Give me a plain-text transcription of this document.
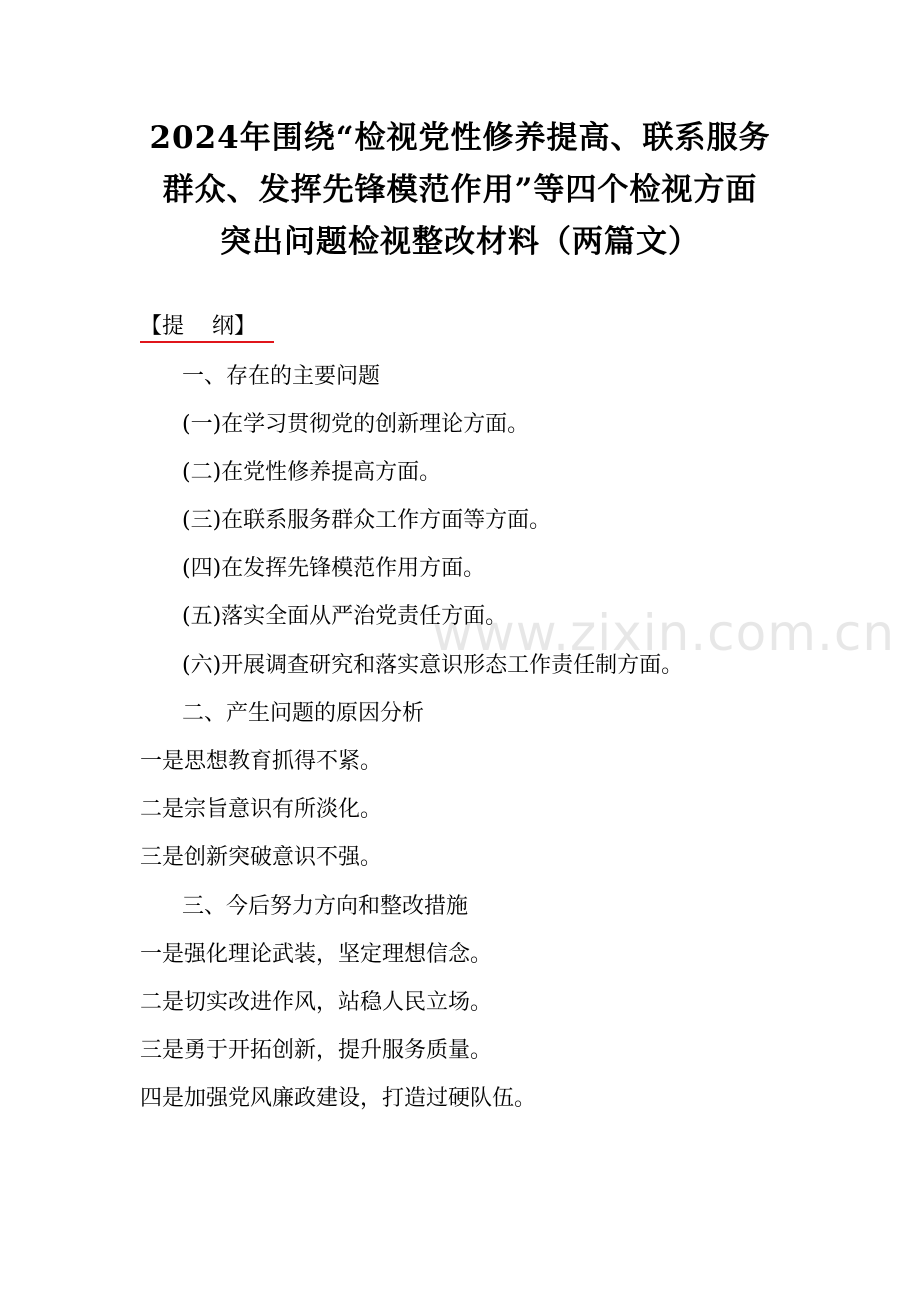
2024年围绕“检视党性修养提高、联系服务
群众、发挥先锋模范作用”等四个检视方面
突出问题检视整改材料（两篇文）
【提    纲】
一、存在的主要问题
(一)在学习贯彻党的创新理论方面。
(二)在党性修养提高方面。
(三)在联系服务群众工作方面等方面。
(四)在发挥先锋模范作用方面。
(五)落实全面从严治党责任方面。
(六)开展调查研究和落实意识形态工作责任制方面。
二、产生问题的原因分析
一是思想教育抓得不紧。
二是宗旨意识有所淡化。
三是创新突破意识不强。
三、今后努力方向和整改措施
一是强化理论武装，坚定理想信念。
二是切实改进作风，站稳人民立场。
三是勇于开拓创新，提升服务质量。
四是加强党风廉政建设，打造过硬队伍。
www.zixin.com.cn
